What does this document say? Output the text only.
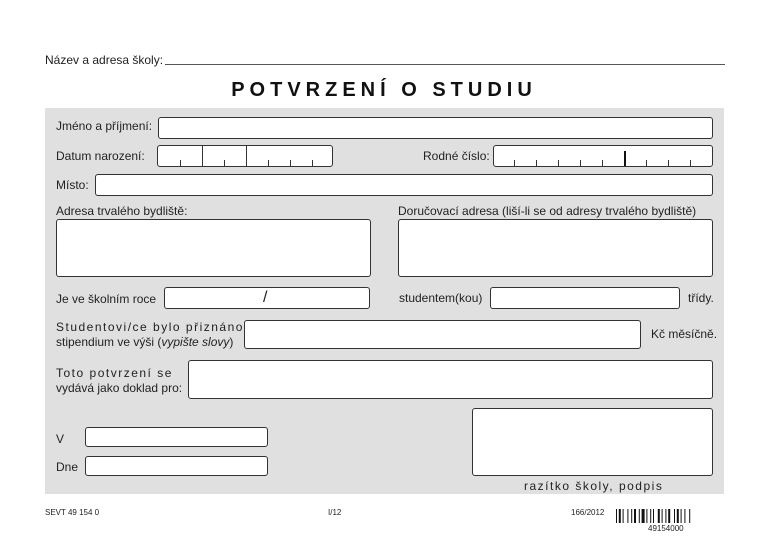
Název a adresa školy:
POTVRZENÍ O STUDIU
Jméno a příjmení:
Datum narození:	Rodné číslo:
Místo:
Adresa trvalého bydliště:	Doručovací adresa (liší-li se od adresy trvalého bydliště)
Je ve školním roce	/	studentem(kou)	třídy.
Studentovi/ce bylo přiznáno
stipendium ve výši (vypište slovy)
Kč měsíčně.
Toto potvrzení se
vydává jako doklad pro:
V
Dne
razítko školy, podpis
SEVT 49 154 0	I/12	166/2012
49154000
